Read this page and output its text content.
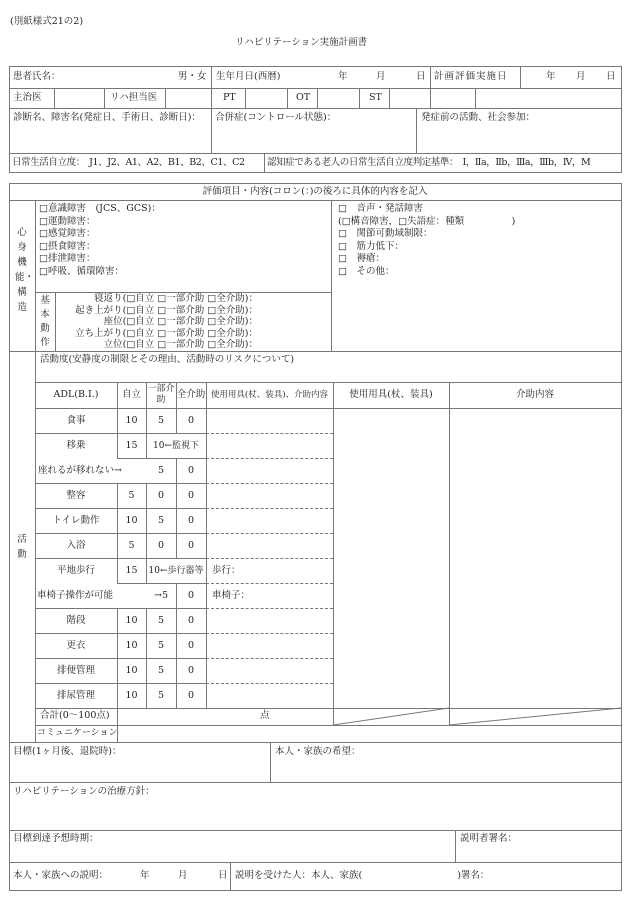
(別紙様式21の2)
リハビリテーション実施計画書
患者氏名：	男・女 生年月日(西暦)	年	月	日 計画評価実施日	年 月 日
主治医	リハ担当医	PT	OT	ST
診断名、障害名(発症日、手術日、診断日)： 合併症(コントロール状態)：	発症前の活動、社会参加：
日常生活自立度：　J1、J2、A1、A2、B1、B2、C1、C2 認知症である老人の日常生活自立度判定基準：　Ⅰ，Ⅱa，Ⅱb，Ⅲa，Ⅲb，Ⅳ，M
評価項目・内容(コロン(：)の後ろに具体的内容を記入
心身機能・構造
□意識障害　(JCS、GCS)：
□運動障害：
□感覚障害：
□摂食障害：
□排泄障害：
□呼吸、循環障害：
□　音声・発話障害
(□構音障害，□失語症：種類　　　　　)
□　関節可動域制限：
□　筋力低下：
□　褥瘡：
□　その他：
基本動作
寝返り(□自立 □一部介助 □全介助)：
起き上がり(□自立 □一部介助 □全介助)：
座位(□自立 □一部介助 □全介助)：
立ち上がり(□自立 □一部介助 □全介助)：
立位(□自立 □一部介助 □全介助)：
活動
活動度(安静度の制限とその理由、活動時のリスクについて)
ADL(B.I.)	自立 一部介助	全介助 使用用具(杖、装具)、介助内容	使用用具(杖、装具)	介助内容
食事	10	5	0
移乗	15	10←監視下
座れるが移れない→	5	0
整容	5	0	0
トイレ動作	10	5	0
入浴	5	0	0
平地歩行	15	10←歩行器等 歩行：
車椅子操作が可能	→5	0	車椅子：
階段	10	5	0
更衣	10	5	0
排便管理	10	5	0
排尿管理	10	5	0
合計(0～100点)	点
コミュニケーション
目標(1ヶ月後、退院時)：	本人・家族の希望：
リハビリテーションの治療方針：
目標到達予想時期：	説明者署名：
本人・家族への説明：	年	月	日 説明を受けた人：本人、家族(　　　　　　　　　　)署名：
